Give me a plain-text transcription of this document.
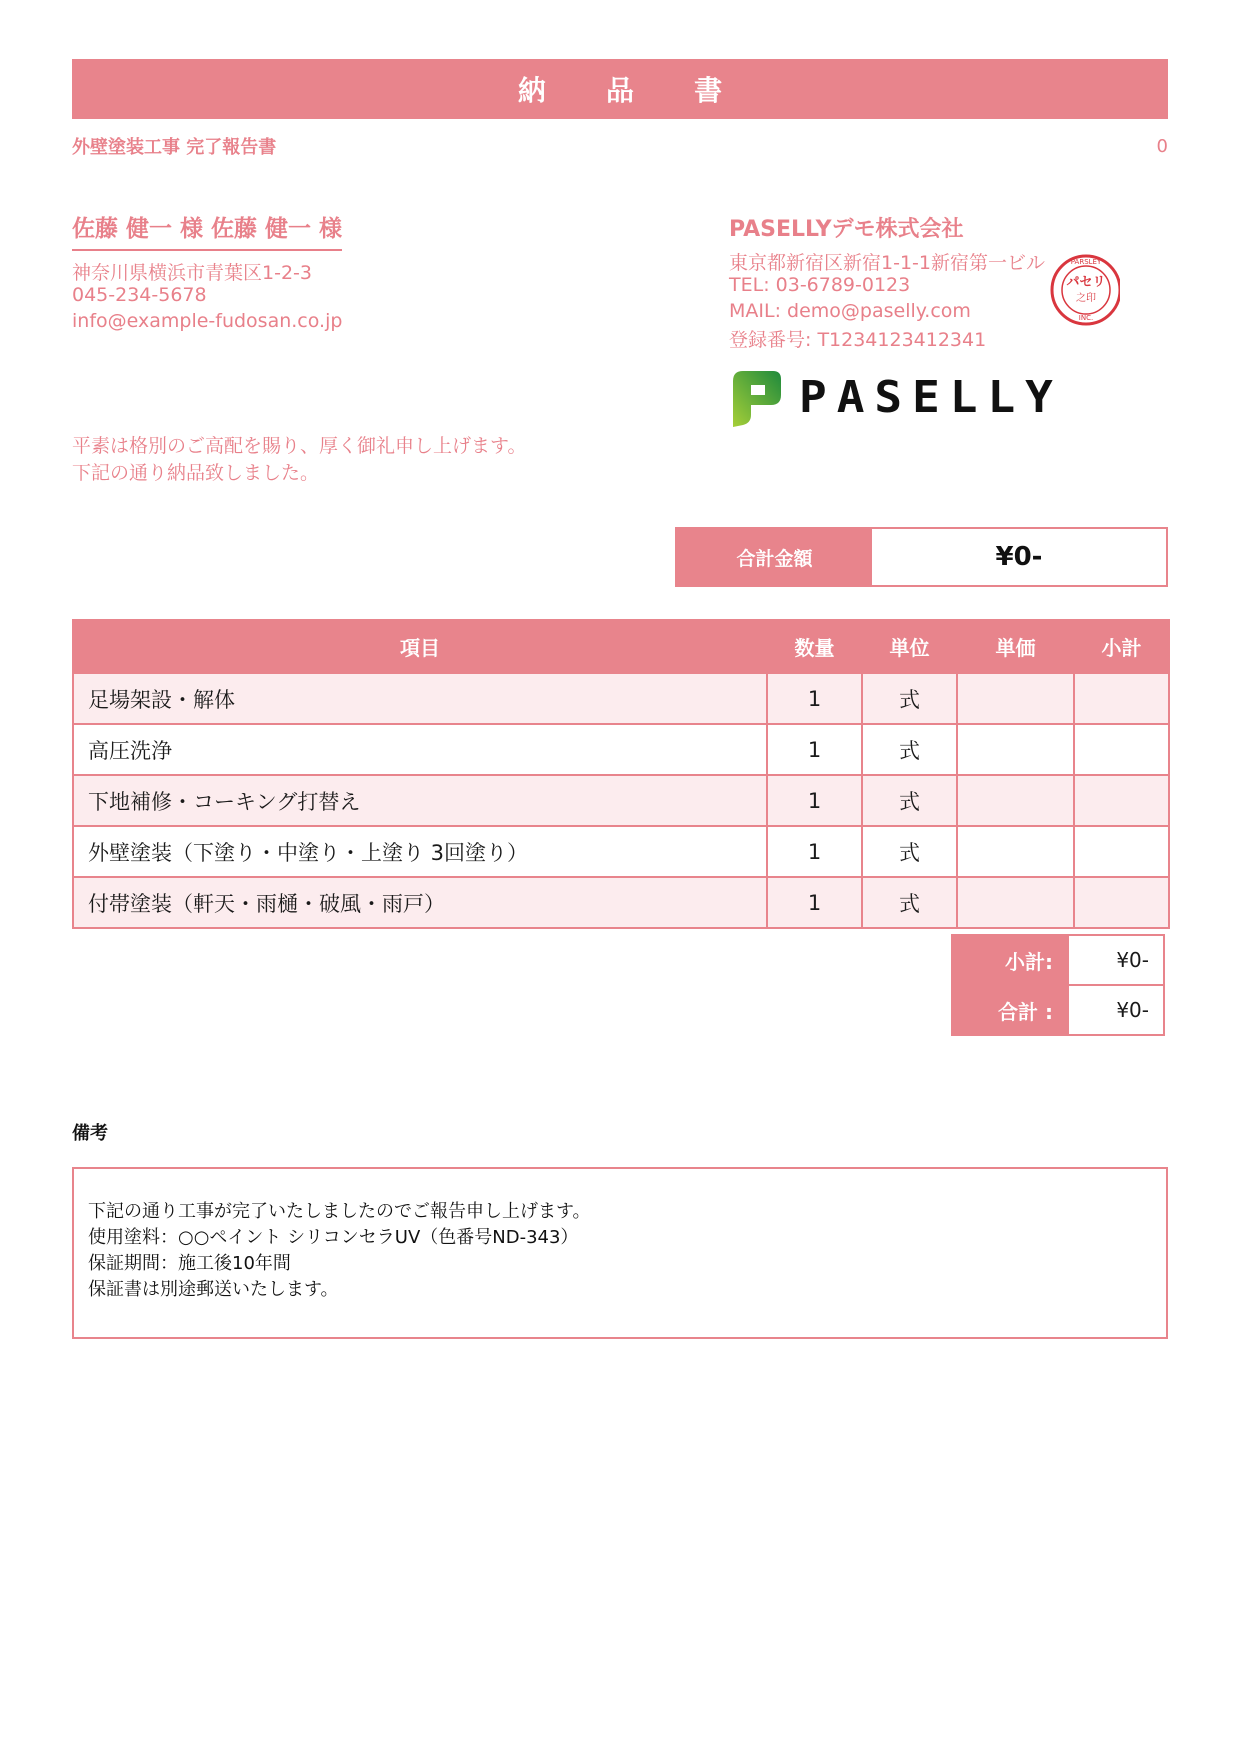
納 品 書
外壁塗装工事 完了報告書	0
佐藤 健一 様 佐藤 健一 様
神奈川県横浜市青葉区1-2-3
045-234-5678
info@example-fudosan.co.jp
PASELLYデモ株式会社
東京都新宿区新宿1-1-1新宿第一ビル
TEL: 03-6789-0123
MAIL: demo@paselly.com
登録番号: T1234123412341
パセリ
之印
INC.
PARSLEY
PASELLY
平素は格別のご高配を賜り、厚く御礼申し上げます。
下記の通り納品致しました。
合計金額	¥0-
項目	数量	単位	単価	小計
足場架設・解体	1	式		
高圧洗浄	1	式		
下地補修・コーキング打替え	1	式		
外壁塗装（下塗り・中塗り・上塗り 3回塗り）	1	式		
付帯塗装（軒天・雨樋・破風・雨戸）	1	式		
小計:	¥0-
合計 :	¥0-
備考
下記の通り工事が完了いたしましたのでご報告申し上げます。
使用塗料：○○ペイント シリコンセラUV（色番号ND-343）
保証期間：施工後10年間
保証書は別途郵送いたします。
